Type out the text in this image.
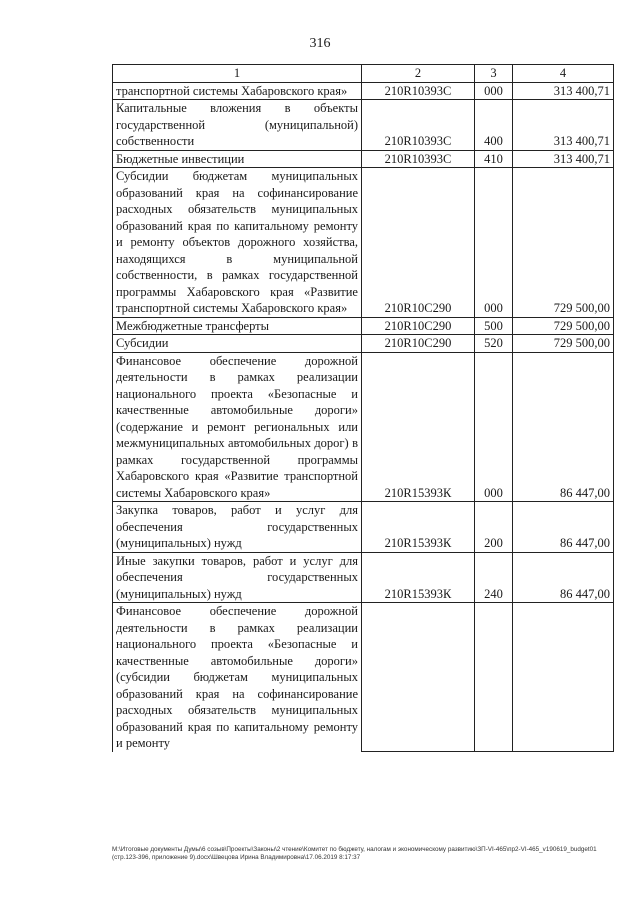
316
1	2	3	4
транспортной системы Хабаровского края»	210R10393С	000	313 400,71
Капитальные вложения в объекты государственной (муниципальной) собственности	210R10393С	400	313 400,71
Бюджетные инвестиции	210R10393С	410	313 400,71
Субсидии бюджетам муниципальных образований края на софинансирование расходных обязательств муниципальных образований края по капитальному ремонту и ремонту объектов дорожного хозяйства, находящихся в муниципальной собственности, в рамках государственной программы Хабаровского края «Развитие транспортной системы Хабаровского края»	210R10С290	000	729 500,00
Межбюджетные трансферты	210R10С290	500	729 500,00
Субсидии	210R10С290	520	729 500,00
Финансовое обеспечение дорожной деятельности в рамках реализации национального проекта «Безопасные и качественные автомобильные дороги» (содержание и ремонт региональных или межмуниципальных автомобильных дорог) в рамках государственной программы Хабаровского края «Развитие транспортной системы Хабаровского края»	210R15393К	000	86 447,00
Закупка товаров, работ и услуг для обеспечения государственных (муниципальных) нужд	210R15393К	200	86 447,00
Иные закупки товаров, работ и услуг для обеспечения государственных (муниципальных) нужд	210R15393К	240	86 447,00
Финансовое обеспечение дорожной деятельности в рамках реализации национального проекта «Безопасные и качественные автомобильные дороги» (субсидии бюджетам муниципальных образований края на софинансирование расходных обязательств муниципальных образований края по капитальному ремонту и ремонту			
M:\Итоговые документы Думы\6 созыв\Проекты\Законы\2 чтение\Комитет по бюджету, налогам и экономическому развитию\ЗП-VI-465\пр2-VI-465_v190619_budget01 (стр.123-396, приложение 9).docx\Швецова Ирина Владимировна\17.06.2019 8:17:37
